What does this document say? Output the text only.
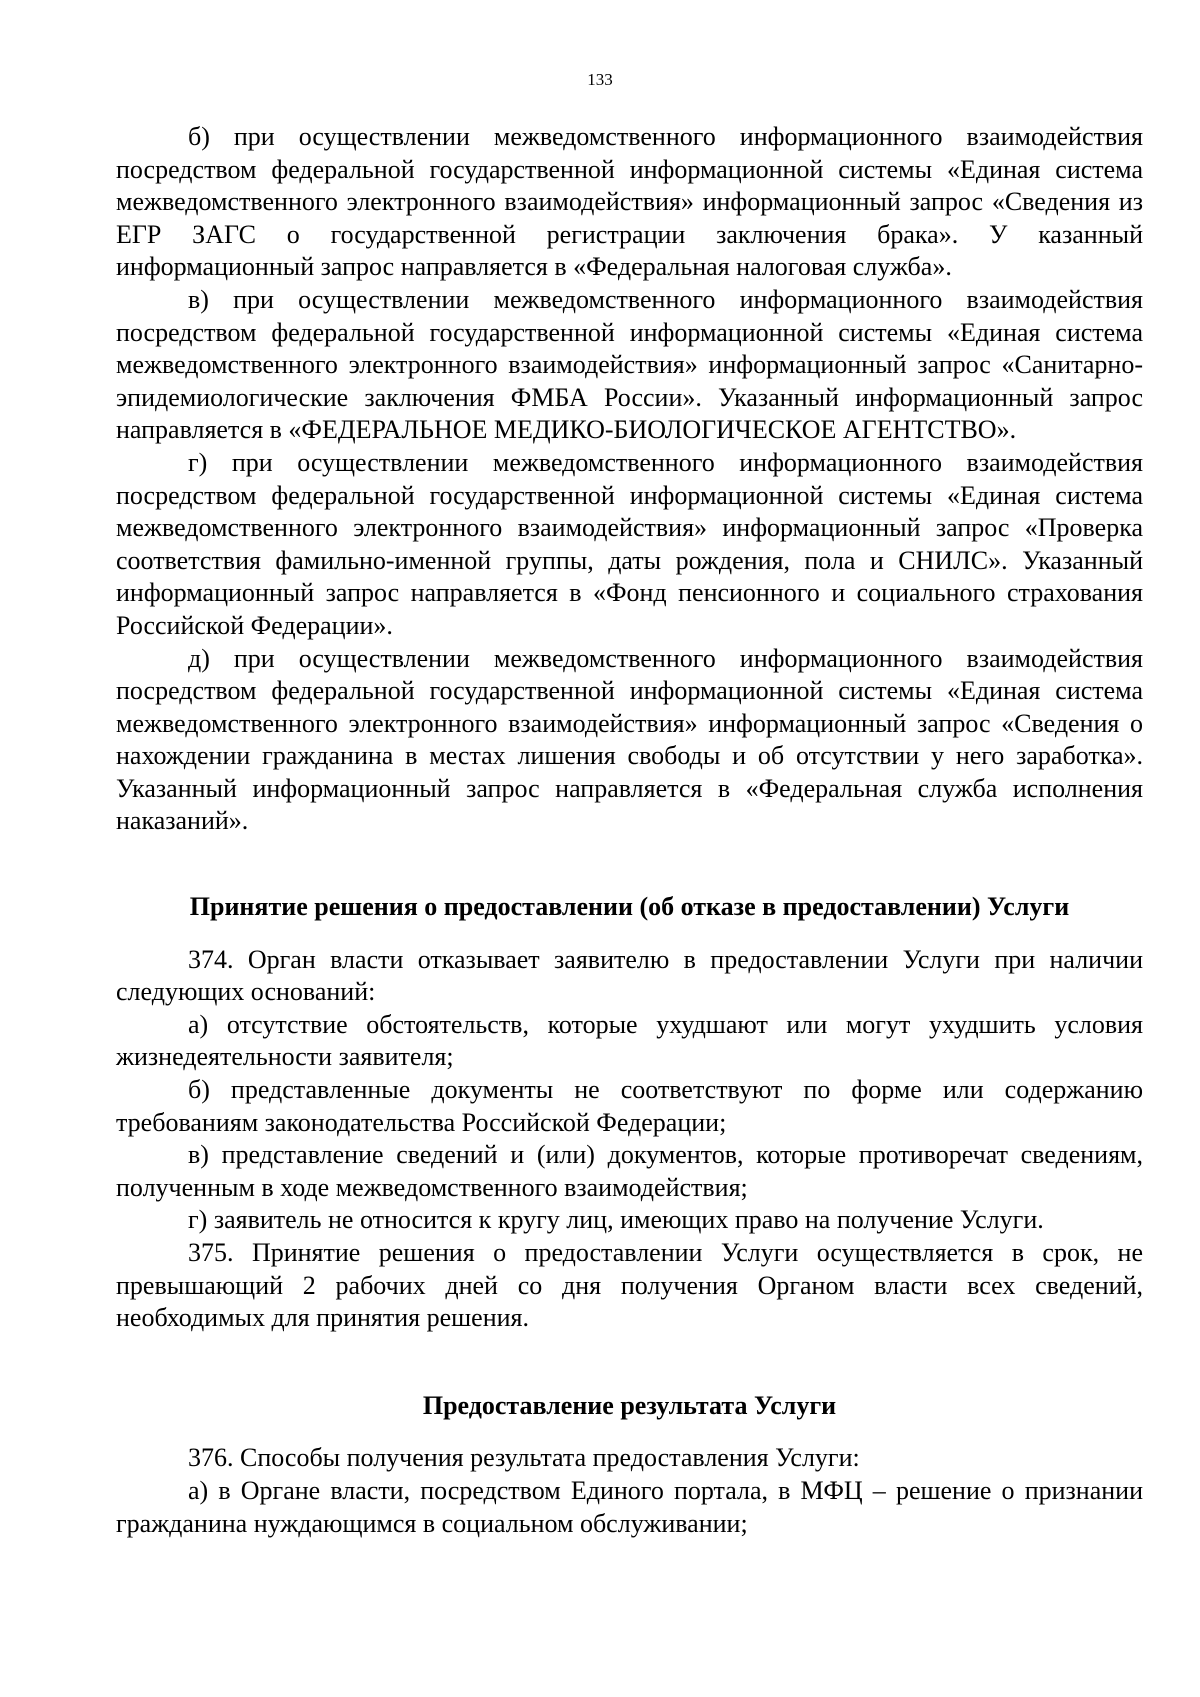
133

б) при осуществлении межведомственного информационного взаимодействия посредством федеральной государственной информационной системы «Единая система межведомственного электронного взаимодействия» информационный запрос «Сведения из ЕГР ЗАГС о государственной регистрации заключения брака». У казанный информационный запрос направляется в «Федеральная налоговая служба».

в) при осуществлении межведомственного информационного взаимодействия посредством федеральной государственной информационной системы «Единая система межведомственного электронного взаимодействия» информационный запрос «Санитарно-эпидемиологические заключения ФМБА России». Указанный информационный запрос направляется в «ФЕДЕРАЛЬНОЕ МЕДИКО-БИОЛОГИЧЕСКОЕ АГЕНТСТВО».

г) при осуществлении межведомственного информационного взаимодействия посредством федеральной государственной информационной системы «Единая система межведомственного электронного взаимодействия» информационный запрос «Проверка соответствия фамильно-именной группы, даты рождения, пола и СНИЛС». Указанный информационный запрос направляется в «Фонд пенсионного и социального страхования Российской Федерации».

д) при осуществлении межведомственного информационного взаимодействия посредством федеральной государственной информационной системы «Единая система межведомственного электронного взаимодействия» информационный запрос «Сведения о нахождении гражданина в местах лишения свободы и об отсутствии у него заработка». Указанный информационный запрос направляется в «Федеральная служба исполнения наказаний».

Принятие решения о предоставлении (об отказе в предоставлении) Услуги

374. Орган власти отказывает заявителю в предоставлении Услуги при наличии следующих оснований:

а) отсутствие обстоятельств, которые ухудшают или могут ухудшить условия жизнедеятельности заявителя;

б) представленные документы не соответствуют по форме или содержанию требованиям законодательства Российской Федерации;

в) представление сведений и (или) документов, которые противоречат сведениям, полученным в ходе межведомственного взаимодействия;

г) заявитель не относится к кругу лиц, имеющих право на получение Услуги.

375. Принятие решения о предоставлении Услуги осуществляется в срок, не превышающий 2 рабочих дней со дня получения Органом власти всех сведений, необходимых для принятия решения.

Предоставление результата Услуги

376. Способы получения результата предоставления Услуги:

а) в Органе власти, посредством Единого портала, в МФЦ – решение о признании гражданина нуждающимся в социальном обслуживании;
